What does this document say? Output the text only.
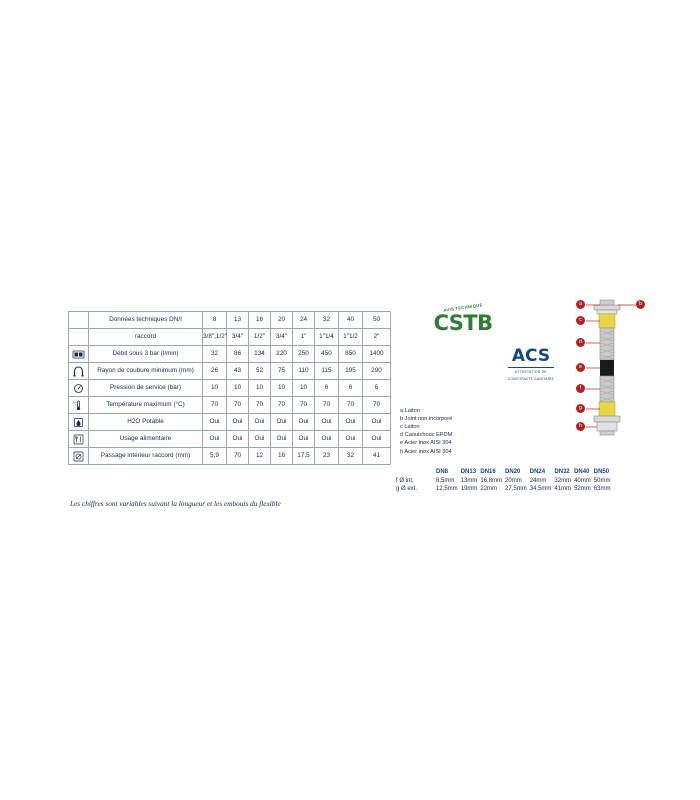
	Données techniques DN/I	8	13	16	20	24	32	40	50
	raccord	3/8",1/2"	3/4"	1/2"	3/4"	1"	1"1/4	1"1/2	2"

	Débit sous 3 bar (l/min)	32	86	134	220	250	450	850	1400

	Rayon de coubure minimum (mm)	26	43	52	75	110	115	195	290

	Pression de service (bar)	10	10	10	10	10	6	6	6

°C	Température maximum (°C)	70	70	70	70	70	70	70	70

	H2O Potable	Oui	Oui	Oui	Oui	Oui	Oui	Oui	Oui

	Usage alimentaire	Oui	Oui	Oui	Oui	Oui	Oui	Oui	Oui

	Passage intérieur raccord (mm)	5,9	70	12	16	17,5	23	32	41
Les chiffres sont variables suivant la longueur et les embouts du flexible
AVIS TECHNIQUE
CSTB
ACS
ATTESTATION DE
CONFORMITÉ SANITAIRE
a Laiton
b Joint non incorporé
c Laiton
d Caoutchouc EPDM
e Acier inox AISI 304
h Acier inox AISI 304
	DN8	DN13	DN16	DN20	DN24	DN32	DN40	DN50
f Ø int.	8,5mm	13mm	16,8mm	20mm	24mm	32mm	40mm	50mm
g Ø ext.	12,5mm	19mm	22mm	27,5mm	34,5mm	41mm	52mm	63mm
a	b
c
d
e
f
g
h
